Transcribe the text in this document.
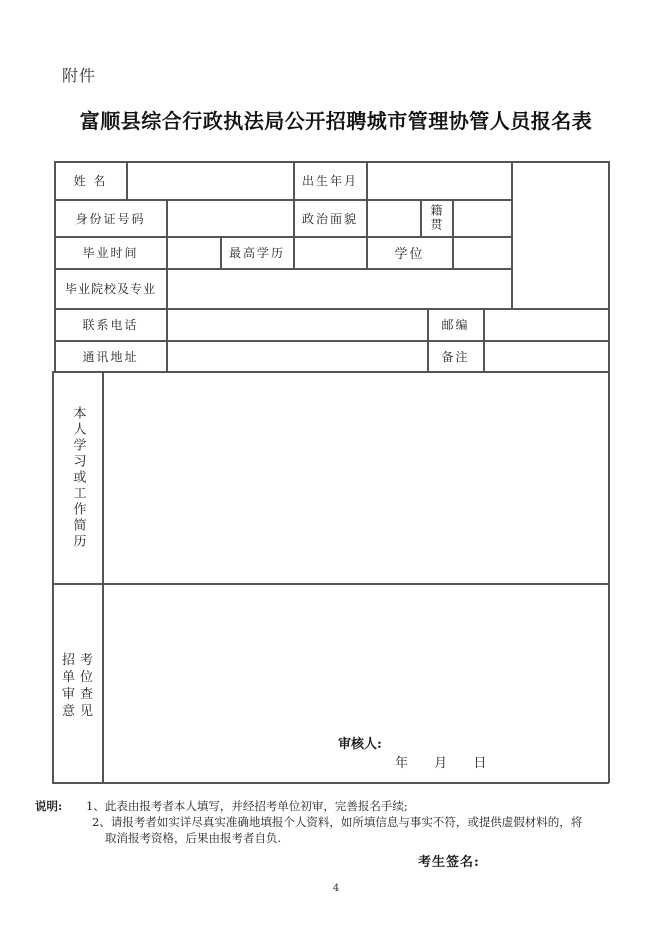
附件
富顺县综合行政执法局公开招聘城市管理协管人员报名表
姓 名	出生年月
身份证号码	政治面貌	籍贯
毕业时间	最高学历	学位
毕业院校及专业
联系电话	邮编
通讯地址	备注
本人学习或工作简历
招 考
单 位
审 查
意 见
审核人:
年 月 日
说明:	1、此表由报考者本人填写，并经招考单位初审，完善报名手续;
2、请报考者如实详尽真实准确地填报个人资料，如所填信息与事实不符，或提供虚假材料的，将
取消报考资格，后果由报考者自负.
考生签名:
4
